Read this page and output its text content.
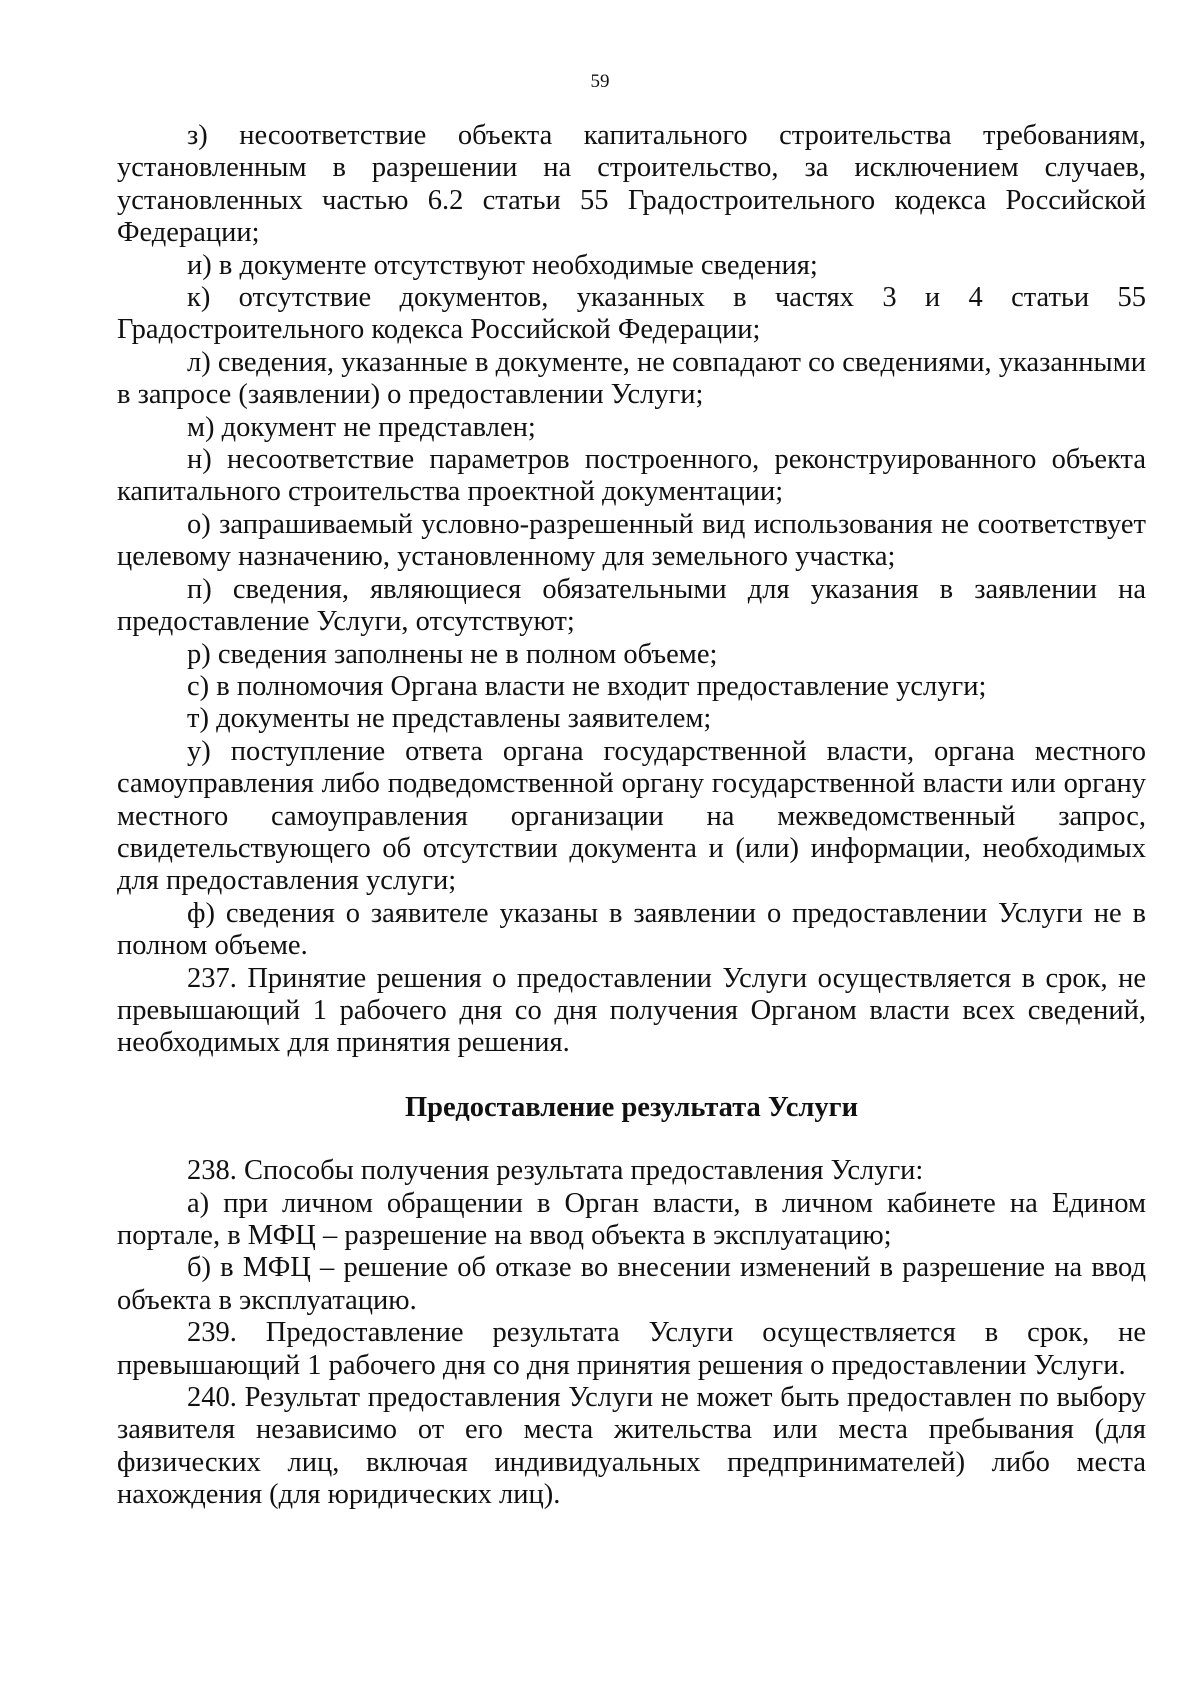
59

з) несоответствие объекта капитального строительства требованиям, установленным в разрешении на строительство, за исключением случаев, установленных частью 6.2 статьи 55 Градостроительного кодекса Российской Федерации;

и) в документе отсутствуют необходимые сведения;

к) отсутствие документов, указанных в частях 3 и 4 статьи 55 Градостроительного кодекса Российской Федерации;

л) сведения, указанные в документе, не совпадают со сведениями, указанными в запросе (заявлении) о предоставлении Услуги;

м) документ не представлен;

н) несоответствие параметров построенного, реконструированного объекта капитального строительства проектной документации;

о) запрашиваемый условно-разрешенный вид использования не соответствует целевому назначению, установленному для земельного участка;

п) сведения, являющиеся обязательными для указания в заявлении на предоставление Услуги, отсутствуют;

р) сведения заполнены не в полном объеме;

с) в полномочия Органа власти не входит предоставление услуги;

т) документы не представлены заявителем;

у) поступление ответа органа государственной власти, органа местного самоуправления либо подведомственной органу государственной власти или органу местного самоуправления организации на межведомственный запрос, свидетельствующего об отсутствии документа и (или) информации, необходимых для предоставления услуги;

ф) сведения о заявителе указаны в заявлении о предоставлении Услуги не в полном объеме.

237. Принятие решения о предоставлении Услуги осуществляется в срок, не превышающий 1 рабочего дня со дня получения Органом власти всех сведений, необходимых для принятия решения.

Предоставление результата Услуги

238. Способы получения результата предоставления Услуги:

а) при личном обращении в Орган власти, в личном кабинете на Едином портале, в МФЦ – разрешение на ввод объекта в эксплуатацию;

б) в МФЦ – решение об отказе во внесении изменений в разрешение на ввод объекта в эксплуатацию.

239. Предоставление результата Услуги осуществляется в срок, не превышающий 1 рабочего дня со дня принятия решения о предоставлении Услуги.

240. Результат предоставления Услуги не может быть предоставлен по выбору заявителя независимо от его места жительства или места пребывания (для физических лиц, включая индивидуальных предпринимателей) либо места нахождения (для юридических лиц).
